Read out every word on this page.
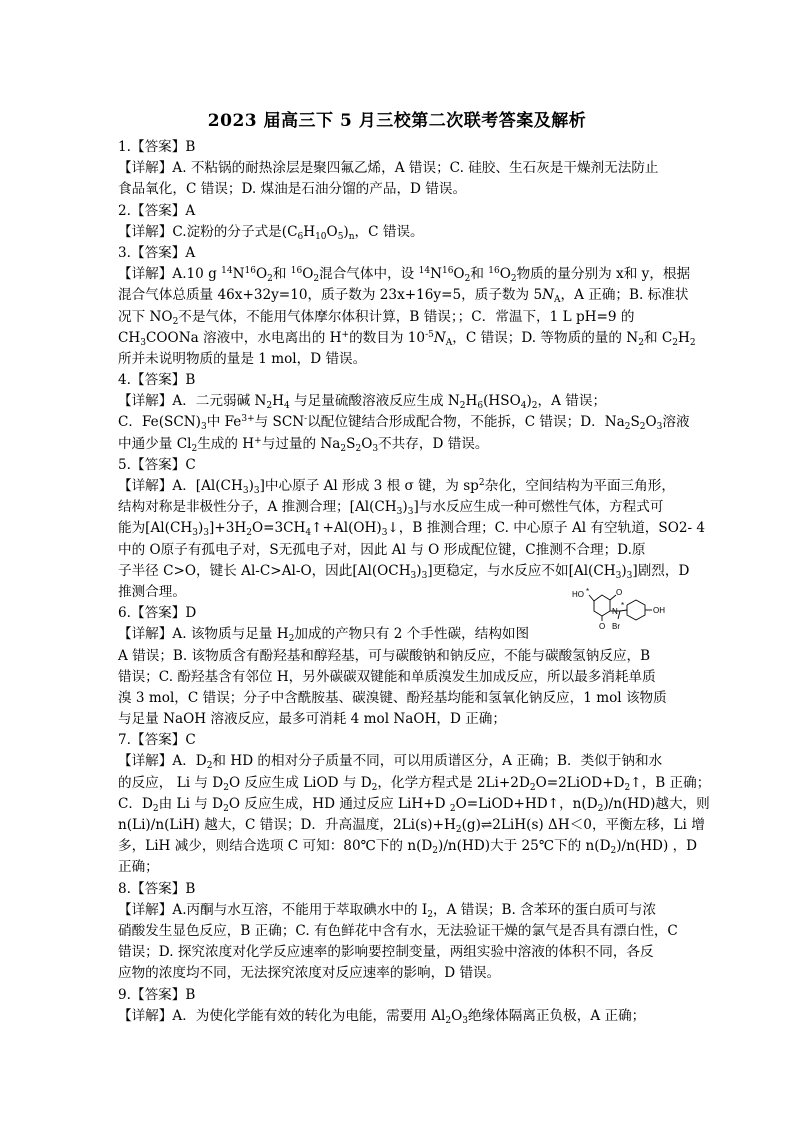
2023 届高三下 5 月三校第二次联考答案及解析
1.【答案】B
【详解】A. 不粘锅的耐热涂层是聚四氟乙烯，A 错误；C. 硅胶、生石灰是干燥剂无法防止
食品氧化，C 错误；D. 煤油是石油分馏的产品，D 错误。
2.【答案】A
【详解】C.淀粉的分子式是$(C_6H_{10}O_5)_n$，C 错误。
3.【答案】A
【详解】A.10 g $^{14}N^{16}O_2$和 $^{16}O_2$混合气体中，设 $^{14}N^{16}O_2$和 $^{16}O_2$物质的量分别为 x和 y，根据
混合气体总质量 46x+32y=10，质子数为 23x+16y=5，质子数为 $5N_A$，A 正确；B. 标准状
况下 $NO_2$不是气体，不能用气体摩尔体积计算，B 错误；；C．常温下，1 L pH=9 的
$CH_3COONa$ 溶液中，水电离出的 H+的数目为 $10^{-5}N_A$，C 错误；D. 等物质的量的 $N_2$和 $C_2H_2$
所并未说明物质的量是 1 mol，D 错误。
4.【答案】B
【详解】A．二元弱碱 $N_2H_4$ 与足量硫酸溶液反应生成 $N_2H_6(HSO_4)_2$，A 错误；
C．$Fe(SCN)_3$中 $Fe^{3+}$与 SCN-以配位键结合形成配合物，不能拆，C 错误；D．$Na_2S_2O_3$溶液
中通少量 $Cl_2$生成的 H+与过量的 $Na_2S_2O_3$不共存，D 错误。
5.【答案】C
【详解】A．$[Al(CH_3)_3]$中心原子 Al 形成 3 根 σ 键，为 $sp^2$杂化，空间结构为平面三角形，
结构对称是非极性分子，A 推测合理；$[Al(CH_3)_3]$与水反应生成一种可燃性气体，方程式可
能为$[Al(CH_3)_3]+3H_2O=3CH_4↑+Al(OH)_3↓$，B 推测合理；C. 中心原子 Al 有空轨道，SO2- 4
中的 O原子有孤电子对，S无孤电子对，因此 Al 与 O 形成配位键，C推测不合理；D.原
子半径 C>O，键长 Al-C>Al-O，因此$[Al(OCH_3)_3]$更稳定，与水反应不如$[Al(CH_3)_3]$剧烈，D
推测合理。
6.【答案】D
【详解】A. 该物质与足量 $H_2$加成的产物只有 2 个手性碳，结构如图
A 错误；B. 该物质含有酚羟基和醇羟基，可与碳酸钠和钠反应，不能与碳酸氢钠反应，B
错误；C. 酚羟基含有邻位 H，另外碳碳双键能和单质溴发生加成反应，所以最多消耗单质
溴 3 mol，C 错误；分子中含酰胺基、碳溴键、酚羟基均能和氢氧化钠反应，1 mol 该物质
与足量 NaOH 溶液反应，最多可消耗 4 mol NaOH，D 正确；
7.【答案】C
【详解】A．$D_2$和 HD 的相对分子质量不同，可以用质谱区分，A 正确；B．类似于钠和水
的反应， Li 与 $D_2O$ 反应生成 LiOD 与 $D_2$，化学方程式是 $2Li+2D_2O=2LiOD+D_2↑$，B 正确；
C．$D_2$由 Li 与 $D_2O$ 反应生成，HD 通过反应 LiH+D $_2$O=LiOD+HD↑，$n(D_2)/n(HD)$越大，则
n(Li)/n(LiH) 越大，C 错误；D．升高温度，$2Li(s)+H_2(g)\rightleftharpoons 2LiH(s)$ ΔH＜0，平衡左移，Li 增
多，LiH 减少，则结合选项 C 可知：80℃下的 $n(D_2)/n(HD)$大于 25℃下的 $n(D_2)/n(HD)$ ，D
正确；
8.【答案】B
【详解】A.丙酮与水互溶，不能用于萃取碘水中的 $I_2$，A 错误；B. 含苯环的蛋白质可与浓
硝酸发生显色反应，B 正确；C. 有色鲜花中含有水，无法验证干燥的氯气是否具有漂白性，C
错误；D. 探究浓度对化学反应速率的影响要控制变量，两组实验中溶液的体积不同，各反
应物的浓度均不同，无法探究浓度对反应速率的影响，D 错误。
9.【答案】B
【详解】A．为使化学能有效的转化为电能，需要用 $Al_2O_3$绝缘体隔离正负极，A 正确；
HO	O
O
N
Br
OH
*
*
